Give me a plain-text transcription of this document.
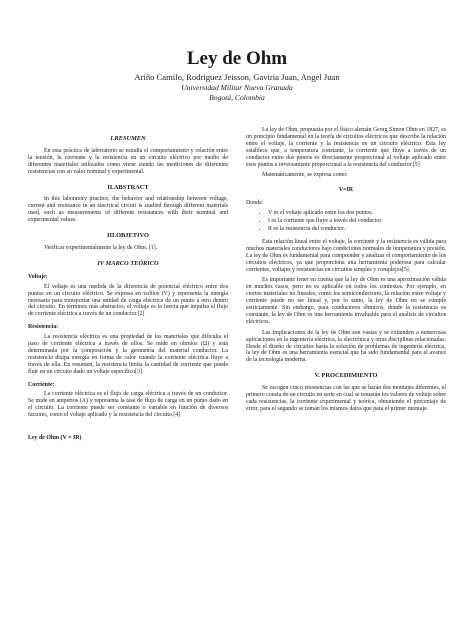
Ley de Ohm
Ariño Camilo, Rodriguez Jeisson, Gaviria Juan, Angel Juan
Universidad Militar Nueva Granada
Bogotá, Colombia
I.RESUMEN

En esta práctica de laboratorio se estudia el comportamiento y relación entre la tensión, la corriente y la resistencia en un circuito eléctrico por medio de diferentes materiales utilizados como viene siendo las mediciones de diferentes resistencias con su valor nominal y experimental.

II.ABSTRACT

In this laboratory practice, the behavior and relationship between voltage, current and resistance in an electrical circuit is studied through different materials used, such as measurements of different resistances with their nominal and experimental values.

III.OBJETIVO

Verificar experimentalmente la ley de Ohm. [1].

IV MARCO TEÓRICO
Voltaje:

El voltaje es una medida de la diferencia de potencial eléctrico entre dos puntos en un circuito eléctrico. Se expresa en voltios (V) y representa la energía necesaria para transportar una unidad de carga eléctrica de un punto a otro dentro del circuito. En términos más abstractos, el voltaje es la fuerza que impulsa el flujo de corriente eléctrica a través de un conductor.[2]

Resistencia:

La resistencia eléctrica es una propiedad de los materiales que dificulta el paso de corriente eléctrica a través de ellos. Se mide en ohmios (Ω) y está determinada por la composición y la geometría del material conductor. La resistencia disipa energía en forma de calor cuando la corriente eléctrica fluye a través de ella. En resumen, la resistencia limita la cantidad de corriente que puede fluir en un circuito dado un voltaje específico[3]

Corriente:

La corriente eléctrica es el flujo de carga eléctrica a través de un conductor. Se mide en amperios (A) y representa la tasa de flujo de carga en un punto dado en el circuito. La corriente puede ser constante o variable en función de diversos factores, como el voltaje aplicado y la resistencia del circuito.[4]

Ley de Ohm (V = IR)

La ley de Ohm, propuesta por el físico alemán Georg Simon Ohm en 1827, es un principio fundamental en la teoría de circuitos eléctricos que describe la relación entre el voltaje, la corriente y la resistencia en un circuito eléctrico. Esta ley establece que, a temperatura constante, la corriente que fluye a través de un conductor entre dos puntos es directamente proporcional al voltaje aplicado entre esos puntos e inversamente proporcional a la resistencia del conductor.[5]

Matemáticamente, se expresa como:

V=IR
Donde:
• V es el voltaje aplicado entre los dos puntos.
• I es la corriente que fluye a través del conductor.
• R es la resistencia del conductor.

Esta relación lineal entre el voltaje, la corriente y la resistencia es válida para muchos materiales conductores bajo condiciones normales de temperatura y presión. La ley de Ohm es fundamental para comprender y analizar el comportamiento de los circuitos eléctricos, ya que proporciona una herramienta poderosa para calcular corrientes, voltajes y resistencias en circuitos simples y complejos[5].

Es importante tener en cuenta que la ley de Ohm es una aproximación válida en muchos casos, pero no es aplicable en todos los contextos. Por ejemplo, en ciertos materiales no lineales, como los semiconductores, la relación entre voltaje y corriente puede no ser lineal y, por lo tanto, la ley de Ohm no se cumple estrictamente. Sin embargo, para conductores óhmicos, donde la resistencia es constante, la ley de Ohm es una herramienta invaluable para el análisis de circuitos eléctricos.

Las implicaciones de la ley de Ohm son vastas y se extienden a numerosas aplicaciones en la ingeniería eléctrica, la electrónica y otras disciplinas relacionadas. Desde el diseño de circuitos hasta la solución de problemas de ingeniería eléctrica, la ley de Ohm es una herramienta esencial que ha sido fundamental para el avance de la tecnología moderna.

V. PROCEDIMIENTO

Se escogen cinco resistencias con las que se harán dos montajes diferentes, el primero consta de un circuito en serie en cual se tomarán los valores de voltaje sobre cada resistencias, la corriente experimental y teórica, obteniendo el porcentaje de error, para el segundo se toman los mismos datos que para el primer montaje.
